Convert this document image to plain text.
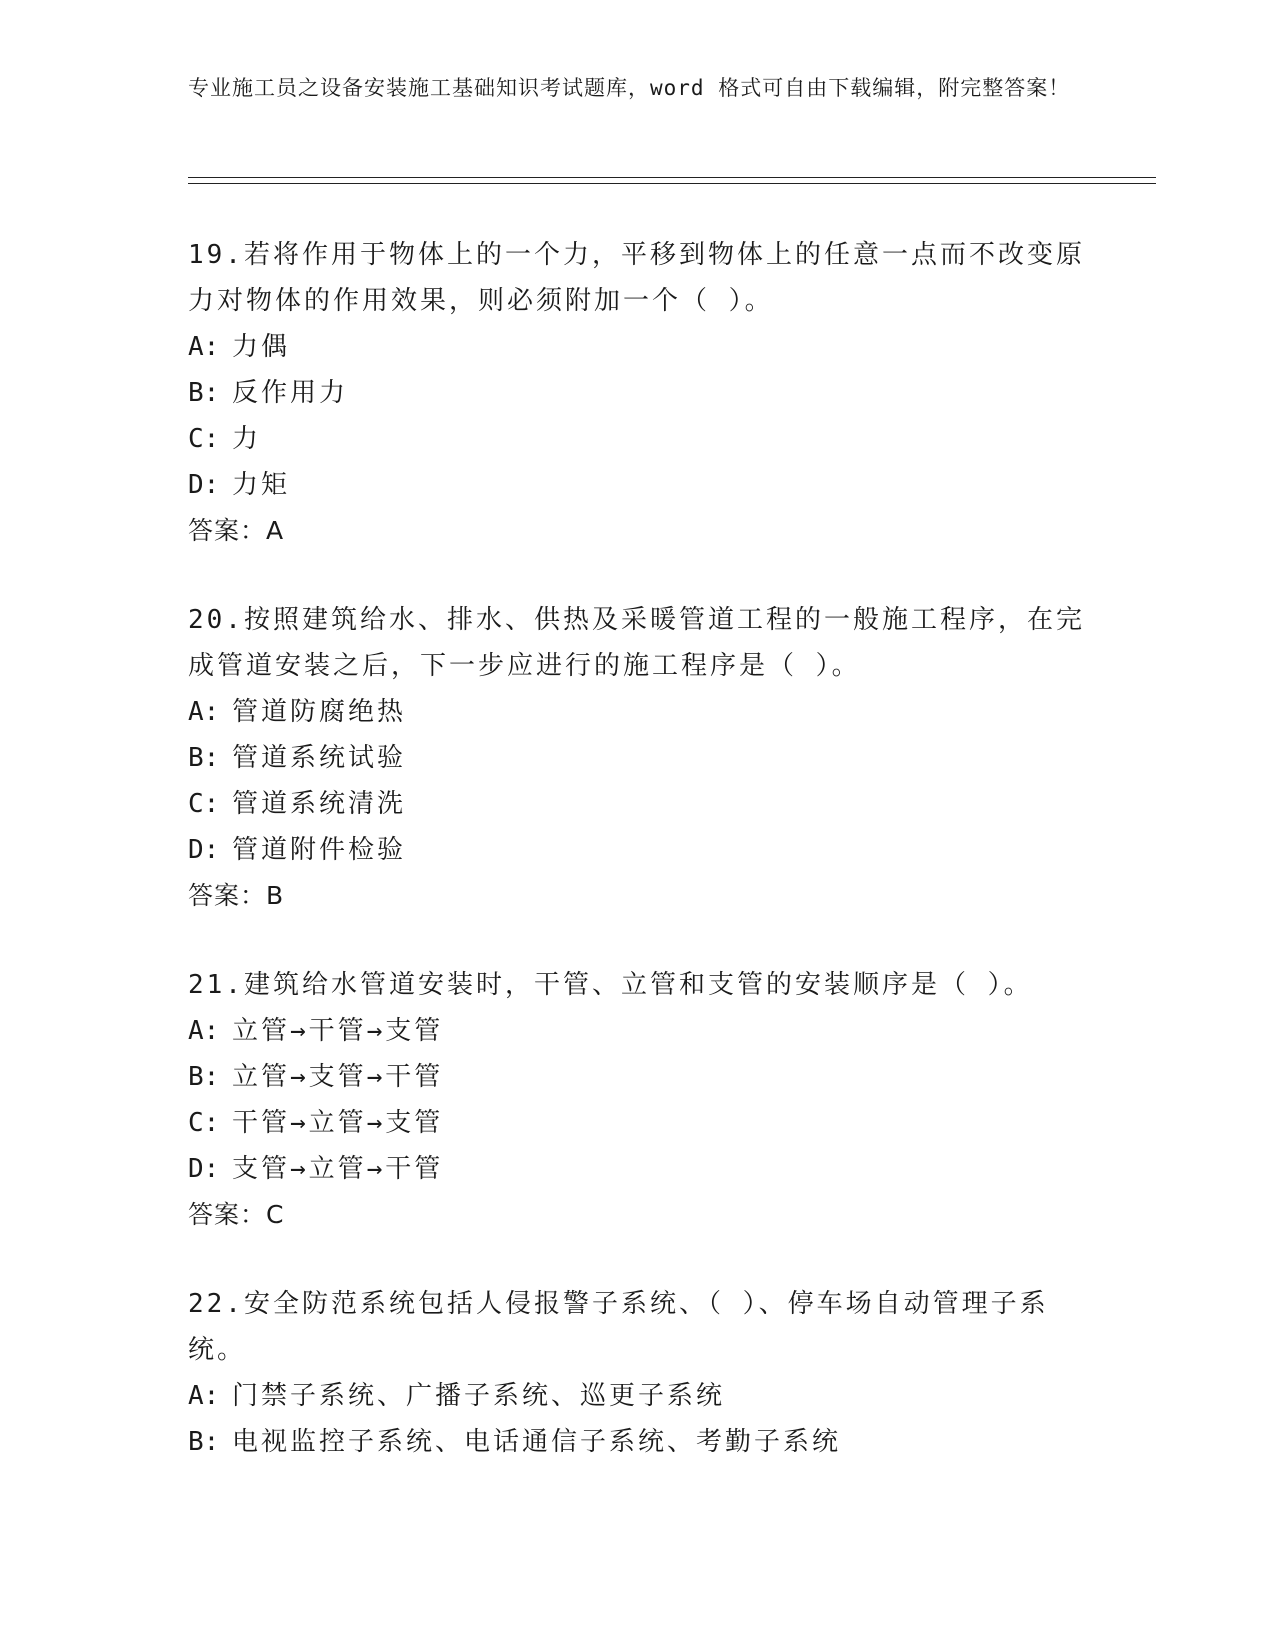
专业施工员之设备安装施工基础知识考试题库，word 格式可自由下载编辑，附完整答案！

19.若将作用于物体上的一个力，平移到物体上的任意一点而不改变原力对物体的作用效果，则必须附加一个（ ）。

A: 力偶

B: 反作用力

C: 力

D: 力矩

答案：A

20.按照建筑给水、排水、供热及采暖管道工程的一般施工程序，在完成管道安装之后，下一步应进行的施工程序是（ ）。

A: 管道防腐绝热

B: 管道系统试验

C: 管道系统清洗

D: 管道附件检验

答案：B

21.建筑给水管道安装时，干管、立管和支管的安装顺序是（ ）。

A: 立管→干管→支管

B: 立管→支管→干管

C: 干管→立管→支管

D: 支管→立管→干管

答案：C

22.安全防范系统包括人侵报警子系统、（ ）、停车场自动管理子系统。

A: 门禁子系统、广播子系统、巡更子系统

B: 电视监控子系统、电话通信子系统、考勤子系统
